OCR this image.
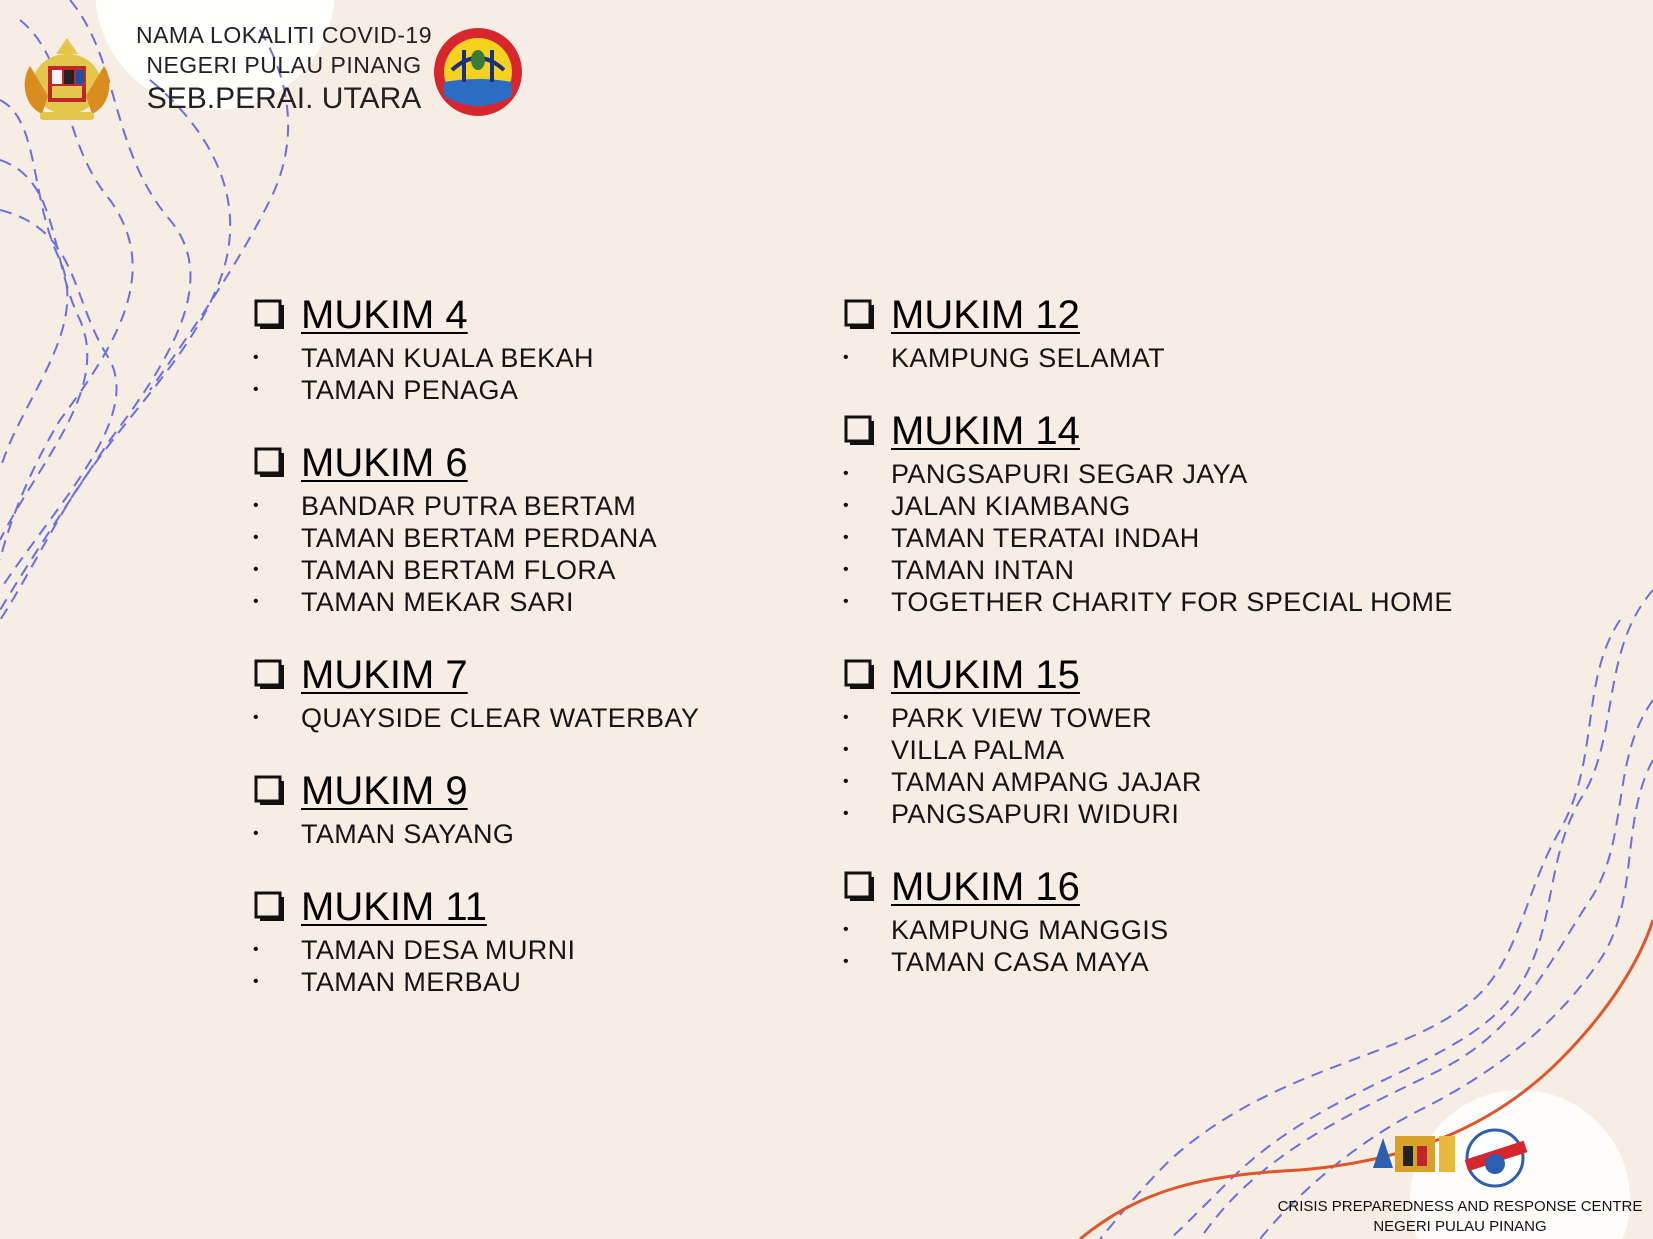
NAMA LOKALITI COVID-19
NEGERI PULAU PINANG
SEB.PERAI. UTARA
MUKIM 4
•	TAMAN KUALA BEKAH
•	TAMAN PENAGA
MUKIM 6
•	BANDAR PUTRA BERTAM
•	TAMAN BERTAM PERDANA
•	TAMAN BERTAM FLORA
•	TAMAN MEKAR SARI
MUKIM 7
•	QUAYSIDE CLEAR WATERBAY
MUKIM 9
•	TAMAN SAYANG
MUKIM 11
•	TAMAN DESA MURNI
•	TAMAN MERBAU
MUKIM 12
•	KAMPUNG SELAMAT
MUKIM 14
•	PANGSAPURI SEGAR JAYA
•	JALAN KIAMBANG
•	TAMAN TERATAI INDAH
•	TAMAN INTAN
•	TOGETHER CHARITY FOR SPECIAL HOME
MUKIM 15
•	PARK VIEW TOWER
•	VILLA PALMA
•	TAMAN AMPANG JAJAR
•	PANGSAPURI WIDURI
MUKIM 16
•	KAMPUNG MANGGIS
•	TAMAN CASA MAYA
CRISIS PREPAREDNESS AND RESPONSE CENTRE
NEGERI PULAU PINANG
